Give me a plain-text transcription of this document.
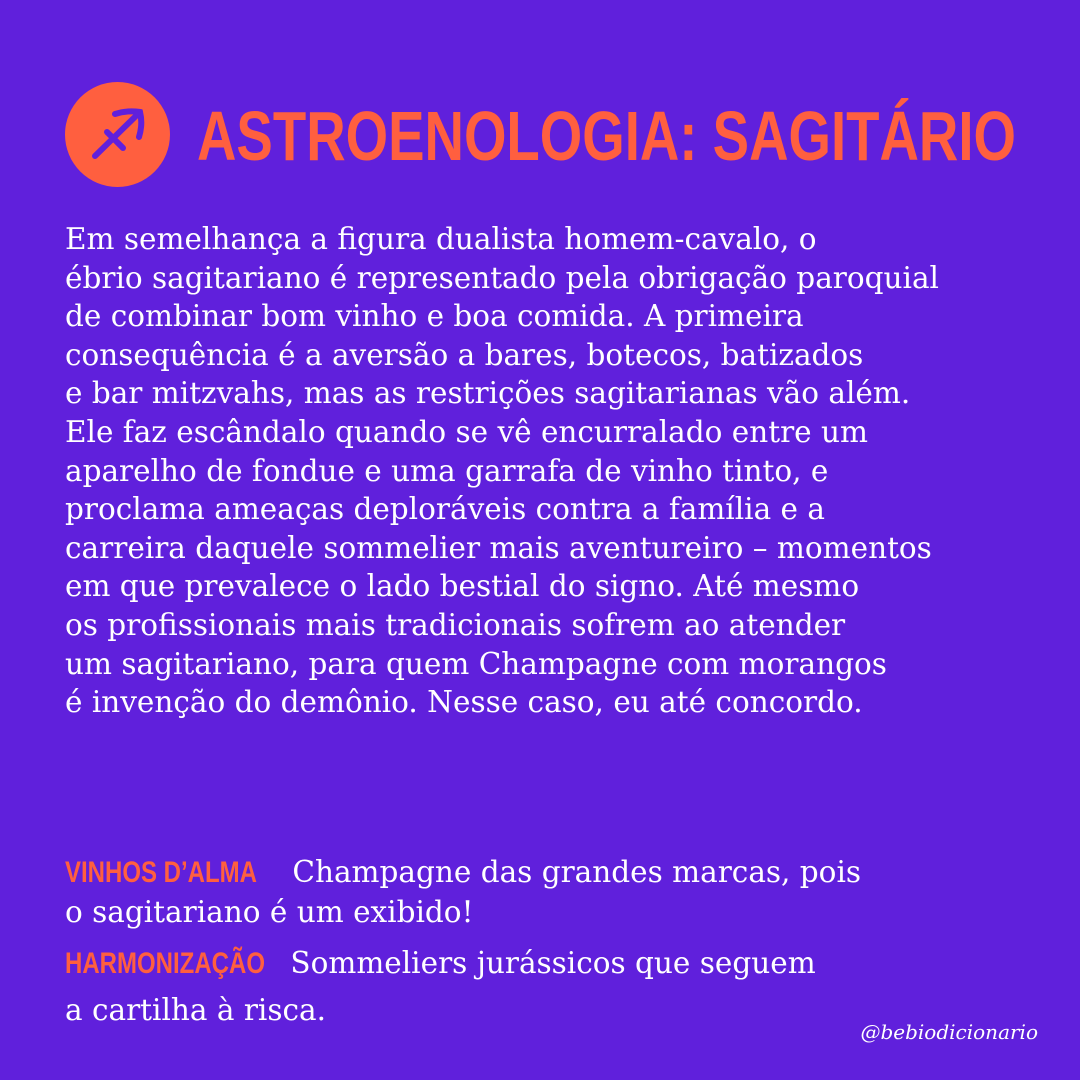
ASTROENOLOGIA: SAGITÁRIO
Em semelhança a figura dualista homem-cavalo, o
ébrio sagitariano é representado pela obrigação paroquial
de combinar bom vinho e boa comida. A primeira
consequência é a aversão a bares, botecos, batizados
e bar mitzvahs, mas as restrições sagitarianas vão além.
Ele faz escândalo quando se vê encurralado entre um
aparelho de fondue e uma garrafa de vinho tinto, e
proclama ameaças deploráveis contra a família e a
carreira daquele sommelier mais aventureiro – momentos
em que prevalece o lado bestial do signo. Até mesmo
os profissionais mais tradicionais sofrem ao atender
um sagitariano, para quem Champagne com morangos
é invenção do demônio. Nesse caso, eu até concordo.
VINHOS D’ALMA Champagne das grandes marcas, pois
o sagitariano é um exibido!
HARMONIZAÇÃO Sommeliers jurássicos que seguem
a cartilha à risca.
@bebiodicionario
